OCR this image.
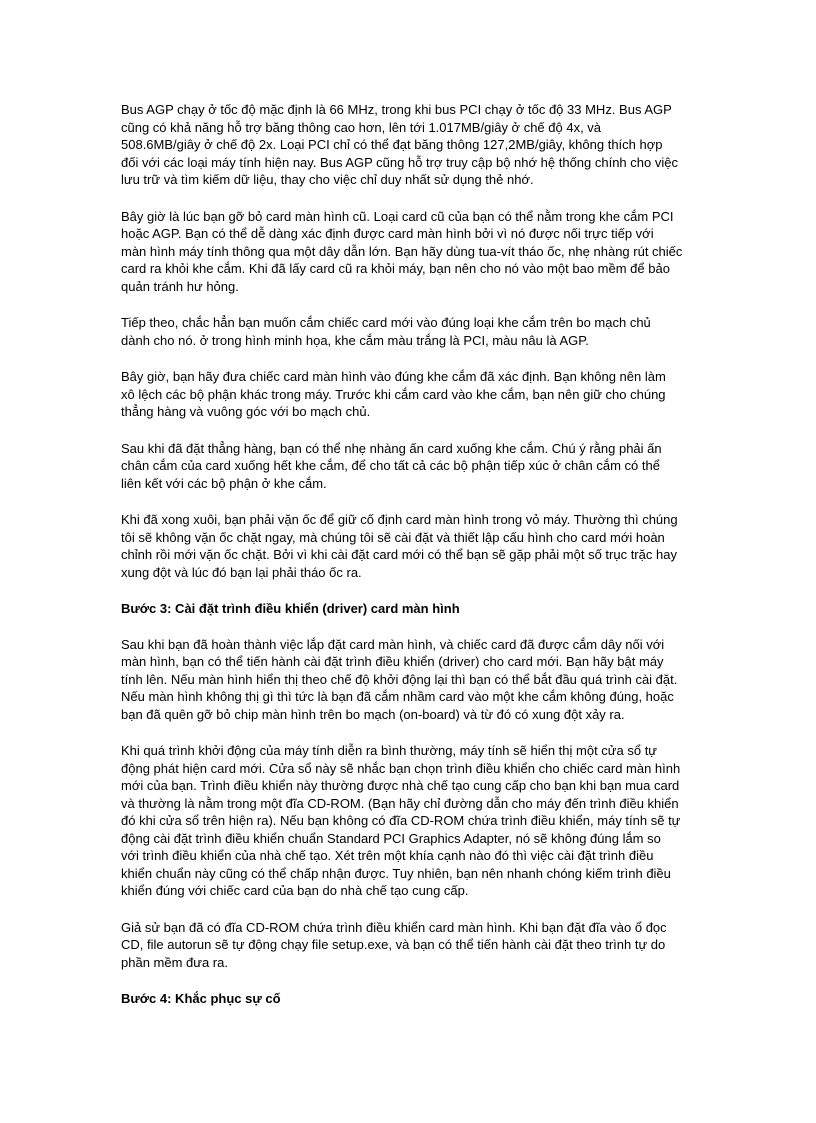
Bus AGP chạy ở tốc độ mặc định là 66 MHz, trong khi bus PCI chạy ở tốc độ 33 MHz. Bus AGP
cũng có khả năng hỗ trợ băng thông cao hơn, lên tới 1.017MB/giây ở chế độ 4x, và
508.6MB/giây ở chế độ 2x. Loại PCI chỉ có thể đạt băng thông 127,2MB/giây, không thích hợp
đối với các loại máy tính hiện nay. Bus AGP cũng hỗ trợ truy cập bộ nhớ hệ thống chính cho việc
lưu trữ và tìm kiếm dữ liệu, thay cho việc chỉ duy nhất sử dụng thẻ nhớ.
Bây giờ là lúc bạn gỡ bỏ card màn hình cũ. Loại card cũ của bạn có thể nằm trong khe cắm PCI
hoặc AGP. Bạn có thể dễ dàng xác định được card màn hình bởi vì nó được nối trực tiếp với
màn hình máy tính thông qua một dây dẫn lớn. Bạn hãy dùng tua-vít tháo ốc, nhẹ nhàng rút chiếc
card ra khỏi khe cắm. Khi đã lấy card cũ ra khỏi máy, bạn nên cho nó vào một bao mềm để bảo
quản tránh hư hỏng.
Tiếp theo, chắc hẳn bạn muốn cắm chiếc card mới vào đúng loại khe cắm trên bo mạch chủ
dành cho nó. ở trong hình minh họa, khe cắm màu trắng là PCI, màu nâu là AGP.
Bây giờ, bạn hãy đưa chiếc card màn hình vào đúng khe cắm đã xác định. Bạn không nên làm
xô lệch các bộ phận khác trong máy. Trước khi cắm card vào khe cắm, bạn nên giữ cho chúng
thẳng hàng và vuông góc với bo mạch chủ.
Sau khi đã đặt thẳng hàng, bạn có thể nhẹ nhàng ấn card xuống khe cắm. Chú ý rằng phải ấn
chân cắm của card xuống hết khe cắm, để cho tất cả các bộ phận tiếp xúc ở chân cắm có thể
liên kết với các bộ phận ở khe cắm.
Khi đã xong xuôi, bạn phải vặn ốc để giữ cố định card màn hình trong vỏ máy. Thường thì chúng
tôi sẽ không vặn ốc chặt ngay, mà chúng tôi sẽ cài đặt và thiết lập cấu hình cho card mới hoàn
chỉnh rồi mới vặn ốc chặt. Bởi vì khi cài đặt card mới có thể bạn sẽ gặp phải một số trục trặc hay
xung đột và lúc đó bạn lại phải tháo ốc ra.
Bước 3: Cài đặt trình điều khiển (driver) card màn hình
Sau khi bạn đã hoàn thành việc lắp đặt card màn hình, và chiếc card đã được cắm dây nối với
màn hình, bạn có thể tiến hành cài đặt trình điều khiển (driver) cho card mới. Bạn hãy bật máy
tính lên. Nếu màn hình hiển thị theo chế độ khởi động lại thì bạn có thể bắt đầu quá trình cài đặt.
Nếu màn hình không thị gì thì tức là bạn đã cắm nhầm card vào một khe cắm không đúng, hoặc
bạn đã quên gỡ bỏ chip màn hình trên bo mạch (on-board) và từ đó có xung đột xảy ra.
Khi quá trình khởi động của máy tính diễn ra bình thường, máy tính sẽ hiển thị một cửa sổ tự
động phát hiện card mới. Cửa sổ này sẽ nhắc bạn chọn trình điều khiển cho chiếc card màn hình
mới của bạn. Trình điều khiển này thường được nhà chế tạo cung cấp cho bạn khi bạn mua card
và thường là nằm trong một đĩa CD-ROM. (Bạn hãy chỉ đường dẫn cho máy đến trình điều khiển
đó khi cửa sổ trên hiện ra). Nếu bạn không có đĩa CD-ROM chứa trình điều khiển, máy tính sẽ tự
động cài đặt trình điều khiển chuẩn Standard PCI Graphics Adapter, nó sẽ không đúng lắm so
với trình điều khiển của nhà chế tạo. Xét trên một khía cạnh nào đó thì việc cài đặt trình điều
khiển chuẩn này cũng có thể chấp nhận được. Tuy nhiên, bạn nên nhanh chóng kiếm trình điều
khiển đúng với chiếc card của bạn do nhà chế tạo cung cấp.
Giả sử bạn đã có đĩa CD-ROM chứa trình điều khiển card màn hình. Khi bạn đặt đĩa vào ổ đọc
CD, file autorun sẽ tự động chạy file setup.exe, và bạn có thể tiến hành cài đặt theo trình tự do
phần mềm đưa ra.
Bước 4: Khắc phục sự cố
